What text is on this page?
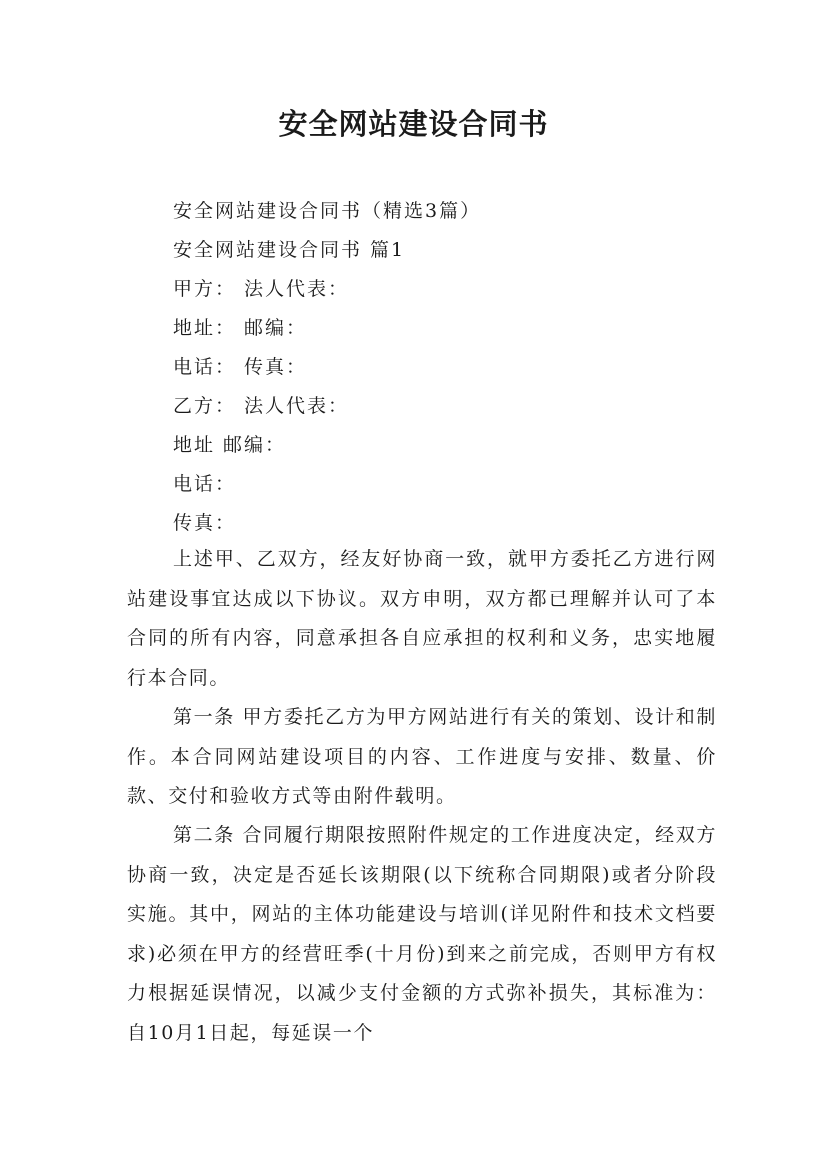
安全网站建设合同书
安全网站建设合同书（精选3篇）
安全网站建设合同书 篇1
甲方： 法人代表：
地址： 邮编：
电话： 传真：
乙方： 法人代表：
地址 邮编：
电话：
传真：
上述甲、乙双方，经友好协商一致，就甲方委托乙方进行网站建设事宜达成以下协议。双方申明，双方都已理解并认可了本合同的所有内容，同意承担各自应承担的权利和义务，忠实地履行本合同。
第一条 甲方委托乙方为甲方网站进行有关的策划、设计和制作。本合同网站建设项目的内容、工作进度与安排、数量、价款、交付和验收方式等由附件载明。
第二条 合同履行期限按照附件规定的工作进度决定，经双方协商一致，决定是否延长该期限(以下统称合同期限)或者分阶段实施。其中，网站的主体功能建设与培训(详见附件和技术文档要求)必须在甲方的经营旺季(十月份)到来之前完成，否则甲方有权力根据延误情况，以减少支付金额的方式弥补损失，其标准为：自10月1日起，每延误一个
